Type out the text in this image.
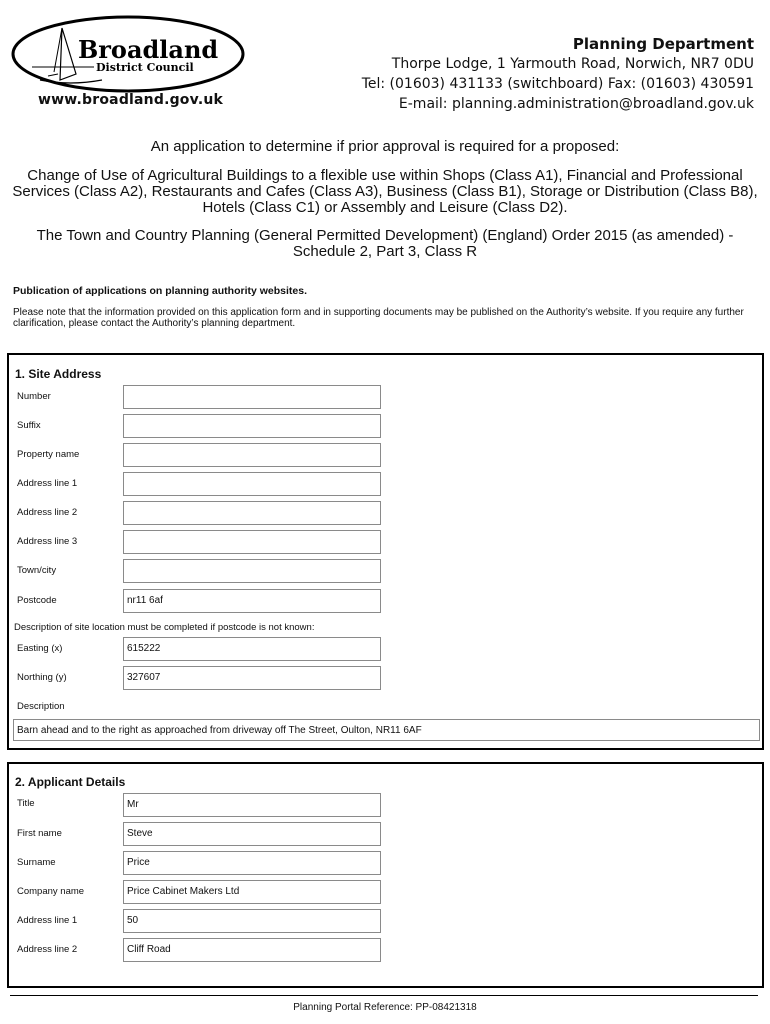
Broadland
District Council
www.broadland.gov.uk
Planning Department
Thorpe Lodge, 1 Yarmouth Road, Norwich, NR7 0DU
Tel: (01603) 431133 (switchboard) Fax: (01603) 430591
E-mail: planning.administration@broadland.gov.uk
An application to determine if prior approval is required for a proposed:
Change of Use of Agricultural Buildings to a flexible use within Shops (Class A1), Financial and Professional Services (Class A2), Restaurants and Cafes (Class A3), Business (Class B1), Storage or Distribution (Class B8), Hotels (Class C1) or Assembly and Leisure (Class D2).
The Town and Country Planning (General Permitted Development) (England) Order 2015 (as amended) - Schedule 2, Part 3, Class R
Publication of applications on planning authority websites.
Please note that the information provided on this application form and in supporting documents may be published on the Authority’s website. If you require any further clarification, please contact the Authority’s planning department.
1. Site Address
Number
Suffix
Property name
Address line 1
Address line 2
Address line 3
Town/city
Postcode	nr11 6af
Description of site location must be completed if postcode is not known:
Easting (x)	615222
Northing (y)	327607
Description
Barn ahead and to the right as approached from driveway off The Street, Oulton, NR11 6AF
2. Applicant Details
Title	Mr
First name	Steve
Surname	Price
Company name	Price Cabinet Makers Ltd
Address line 1	50
Address line 2	Cliff Road
Planning Portal Reference: PP-08421318
